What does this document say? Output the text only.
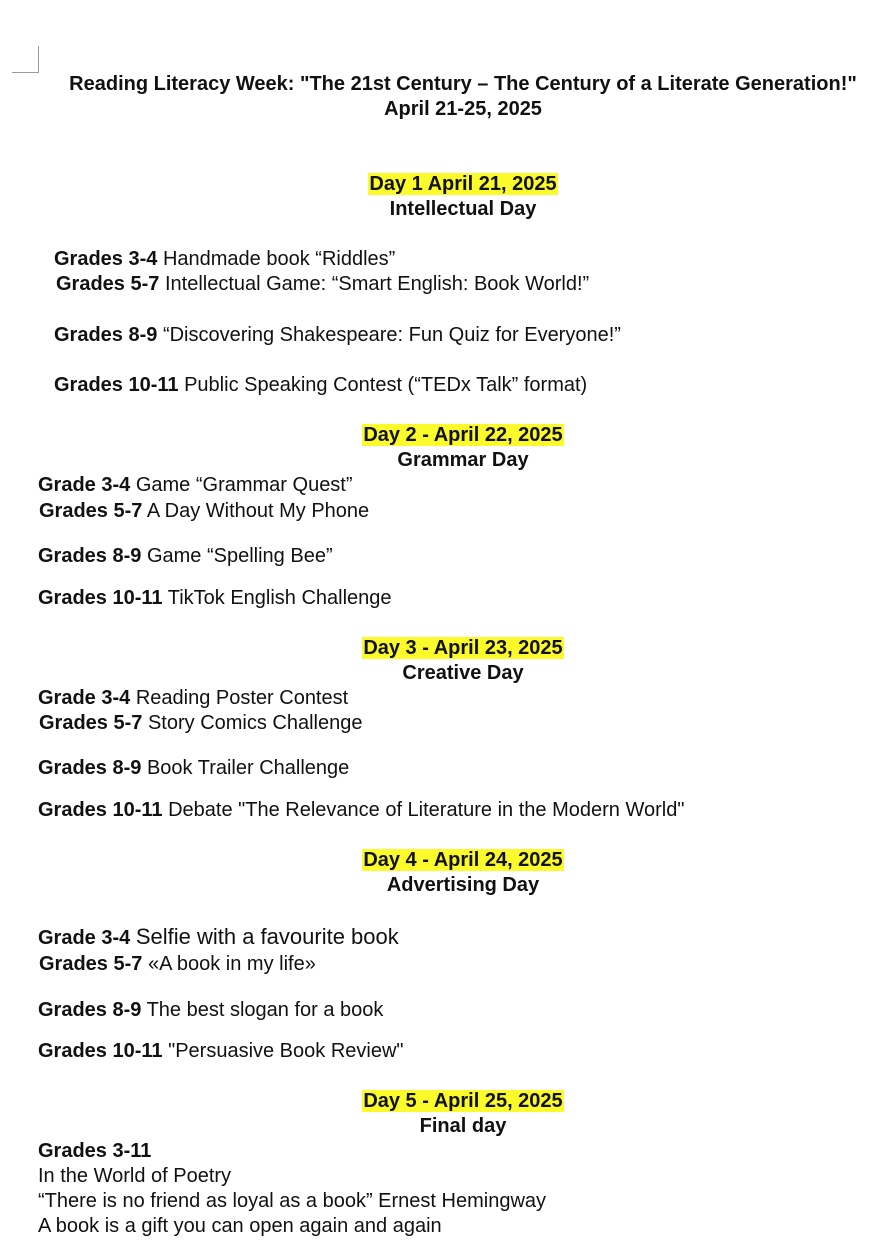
Reading Literacy Week: "The 21st Century – The Century of a Literate Generation!"
April 21-25, 2025
Day 1 April 21, 2025
Intellectual Day
Grades 3-4 Handmade book “Riddles”
Grades 5-7 Intellectual Game: “Smart English: Book World!”
Grades 8-9 “Discovering Shakespeare: Fun Quiz for Everyone!”
Grades 10-11 Public Speaking Contest (“TEDx Talk” format)
Day 2 - April 22, 2025
Grammar Day
Grade 3-4 Game “Grammar Quest”
Grades 5-7 A Day Without My Phone
Grades 8-9 Game “Spelling Bee”
Grades 10-11 TikTok English Challenge
Day 3 - April 23, 2025
Creative Day
Grade 3-4 Reading Poster Contest
Grades 5-7 Story Comics Challenge
Grades 8-9 Book Trailer Challenge
Grades 10-11 Debate "The Relevance of Literature in the Modern World"
Day 4 - April 24, 2025
Advertising Day
Grade 3-4 Selfie with a favourite book
Grades 5-7 «A book in my life»
Grades 8-9 The best slogan for a book
Grades 10-11 "Persuasive Book Review"
Day 5 - April 25, 2025
Final day
Grades 3-11
In the World of Poetry
“There is no friend as loyal as a book” Ernest Hemingway
A book is a gift you can open again and again
